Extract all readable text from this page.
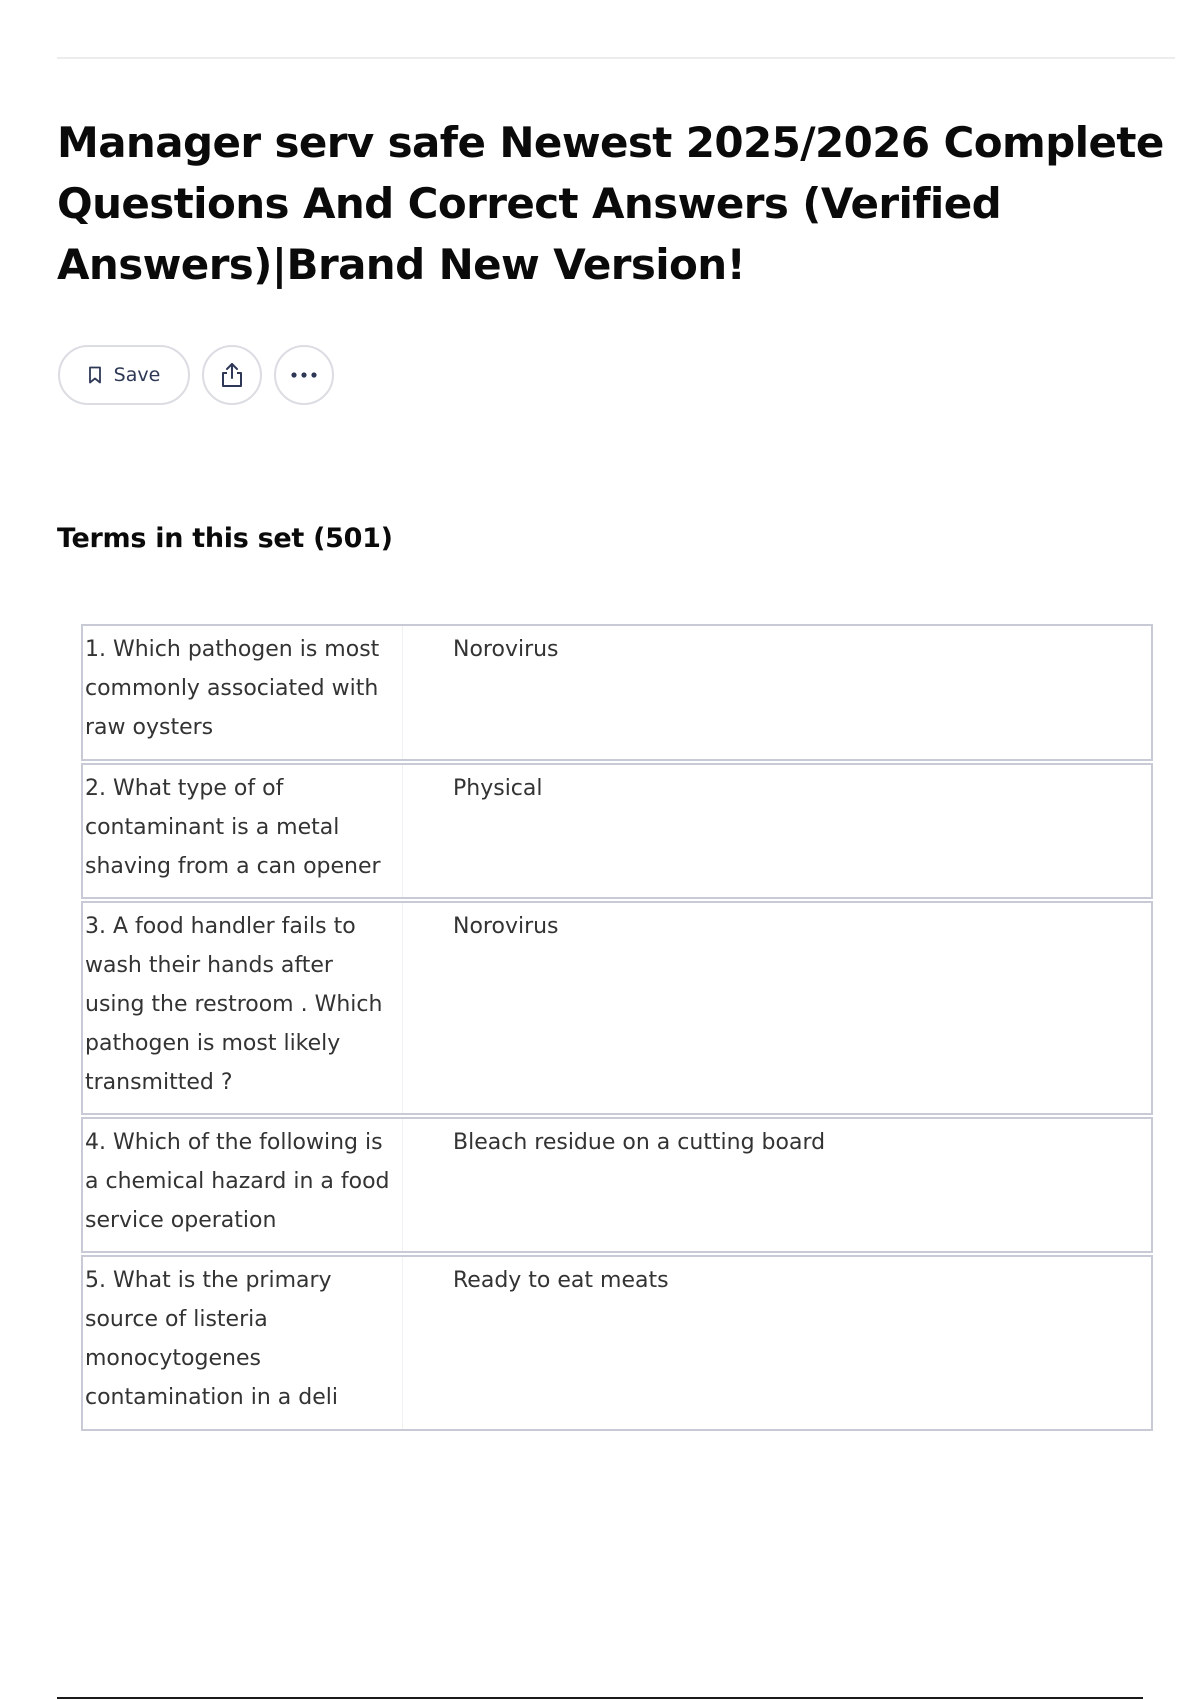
Manager serv safe Newest 2025/2026 Complete Questions And Correct Answers (Verified Answers)|Brand New Version!
Save
Terms in this set (501)
1. Which pathogen is most commonly associated with raw oysters
Norovirus
2. What type of of contaminant is a metal shaving from a can opener
Physical
3. A food handler fails to wash their hands after using the restroom . Which pathogen is most likely transmitted ?
Norovirus
4. Which of the following is a chemical hazard in a food service operation
Bleach residue on a cutting board
5. What is the primary source of listeria monocytogenes contamination in a deli
Ready to eat meats
